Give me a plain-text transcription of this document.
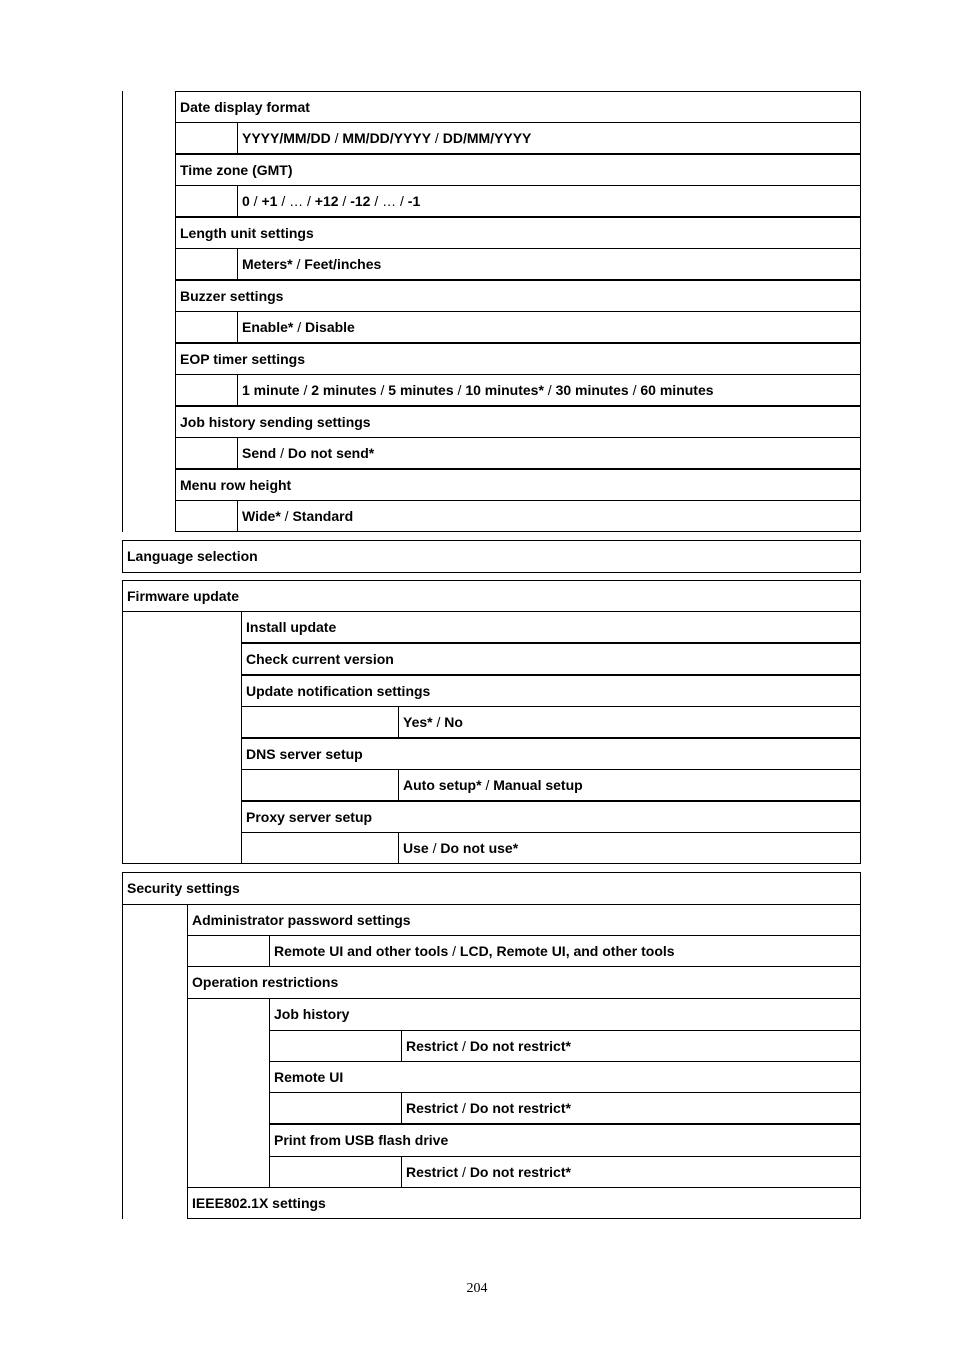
Date display format
YYYY/MM/DD / MM/DD/YYYY / DD/MM/YYYY
Time zone (GMT)
0 / +1 / … / +12 / -12 / … / -1
Length unit settings
Meters* / Feet/inches
Buzzer settings
Enable* / Disable
EOP timer settings
1 minute / 2 minutes / 5 minutes / 10 minutes* / 30 minutes / 60 minutes
Job history sending settings
Send / Do not send*
Menu row height
Wide* / Standard
Language selection
Firmware update
Install update
Check current version
Update notification settings
Yes* / No
DNS server setup
Auto setup* / Manual setup
Proxy server setup
Use / Do not use*
Security settings
Administrator password settings
Remote UI and other tools / LCD, Remote UI, and other tools
Operation restrictions
Job history
Restrict / Do not restrict*
Remote UI
Restrict / Do not restrict*
Print from USB flash drive
Restrict / Do not restrict*
IEEE802.1X settings
204
